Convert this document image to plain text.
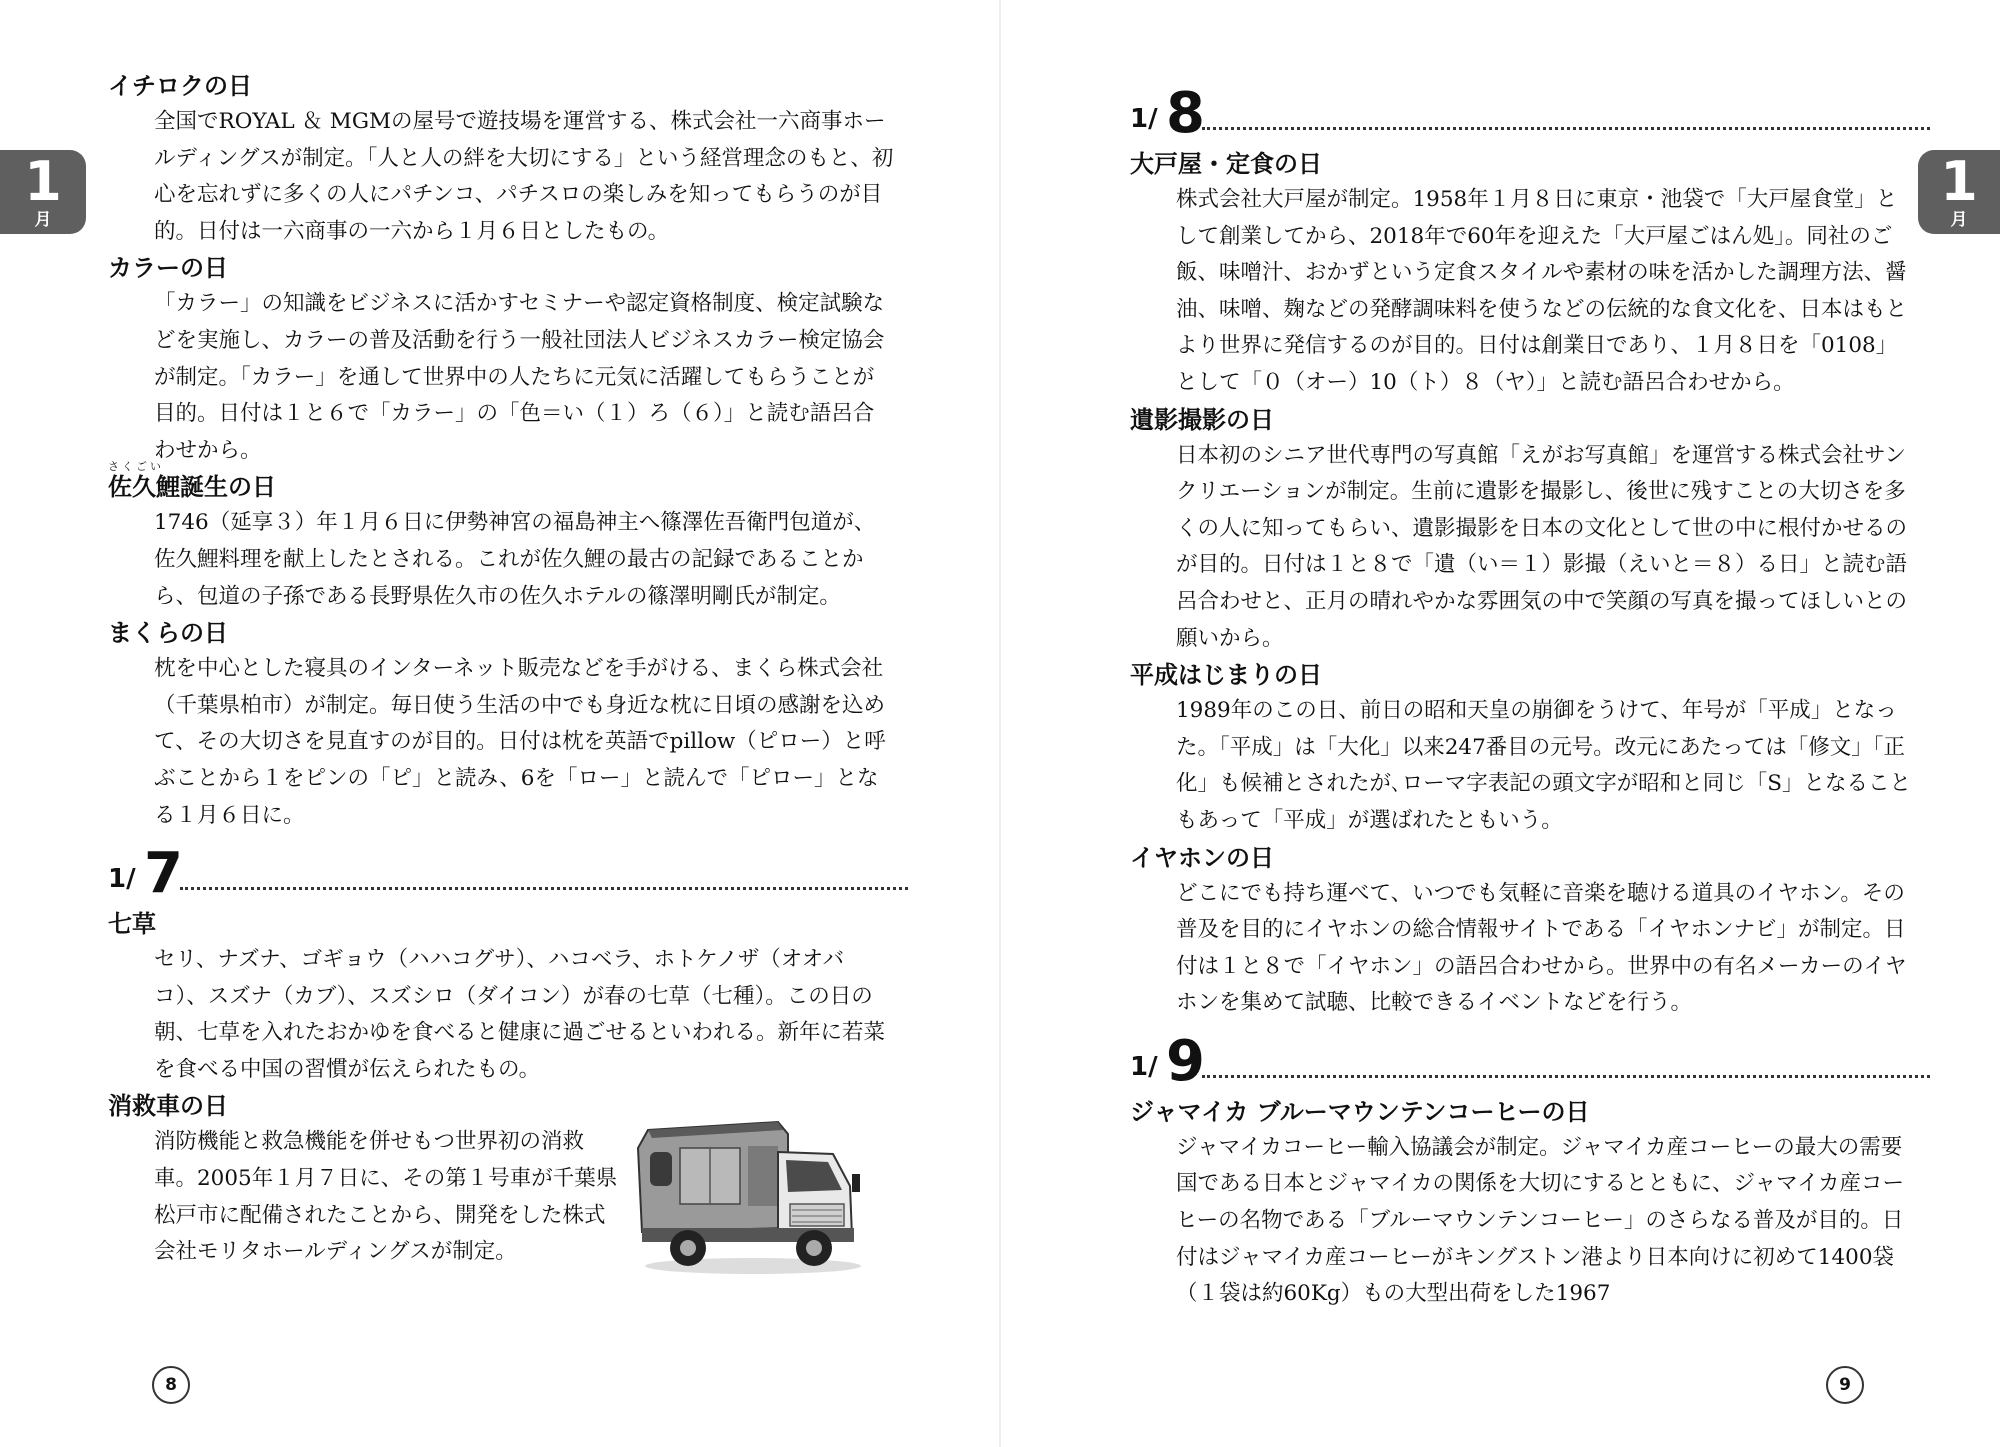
1
月
イチロクの日

全国でROYAL ＆ MGMの屋号で遊技場を運営する、株式会社一六商事ホールディングスが制定。「人と人の絆を大切にする」という経営理念のもと、初心を忘れずに多くの人にパチンコ、パチスロの楽しみを知ってもらうのが目的。日付は一六商事の一六から１月６日としたもの。

カラーの日

「カラー」の知識をビジネスに活かすセミナーや認定資格制度、検定試験などを実施し、カラーの普及活動を行う一般社団法人ビジネスカラー検定協会が制定。「カラー」を通して世界中の人たちに元気に活躍してもらうことが目的。日付は１と６で「カラー」の「色＝い（１）ろ（６）」と読む語呂合わせから。

さくごい
佐久鯉誕生の日

1746（延享３）年１月６日に伊勢神宮の福島神主へ篠澤佐吾衛門包道が、佐久鯉料理を献上したとされる。これが佐久鯉の最古の記録であることから、包道の子孫である長野県佐久市の佐久ホテルの篠澤明剛氏が制定。

まくらの日

枕を中心とした寝具のインターネット販売などを手がける、まくら株式会社（千葉県柏市）が制定。毎日使う生活の中でも身近な枕に日頃の感謝を込めて、その大切さを見直すのが目的。日付は枕を英語でpillow（ピロー）と呼ぶことから１をピンの「ピ」と読み、6を「ロー」と読んで「ピロー」となる１月６日に。

1/ 7
七草

セリ、ナズナ、ゴギョウ（ハハコグサ）、ハコベラ、ホトケノザ（オオバコ）、スズナ（カブ）、スズシロ（ダイコン）が春の七草（七種）。この日の朝、七草を入れたおかゆを食べると健康に過ごせるといわれる。新年に若菜を食べる中国の習慣が伝えられたもの。

消救車の日

消防機能と救急機能を併せもつ世界初の消救車。2005年１月７日に、その第１号車が千葉県松戸市に配備されたことから、開発をした株式会社モリタホールディングスが制定。

8
1
月
1/ 8
大戸屋・定食の日

株式会社大戸屋が制定。1958年１月８日に東京・池袋で「大戸屋食堂」として創業してから、2018年で60年を迎えた「大戸屋ごはん処」。同社のご飯、味噌汁、おかずという定食スタイルや素材の味を活かした調理方法、醤油、味噌、麹などの発酵調味料を使うなどの伝統的な食文化を、日本はもとより世界に発信するのが目的。日付は創業日であり、１月８日を「0108」として「０（オー）10（ト）８（ヤ）」と読む語呂合わせから。

遺影撮影の日

日本初のシニア世代専門の写真館「えがお写真館」を運営する株式会社サンクリエーションが制定。生前に遺影を撮影し、後世に残すことの大切さを多くの人に知ってもらい、遺影撮影を日本の文化として世の中に根付かせるのが目的。日付は１と８で「遺（い＝１）影撮（えいと＝８）る日」と読む語呂合わせと、正月の晴れやかな雰囲気の中で笑顔の写真を撮ってほしいとの願いから。

平成はじまりの日

1989年のこの日、前日の昭和天皇の崩御をうけて、年号が「平成」となった。「平成」は「大化」以来247番目の元号。改元にあたっては「修文」「正化」も候補とされたが､ローマ字表記の頭文字が昭和と同じ「S」となることもあって「平成」が選ばれたともいう。

イヤホンの日

どこにでも持ち運べて、いつでも気軽に音楽を聴ける道具のイヤホン。その普及を目的にイヤホンの総合情報サイトである「イヤホンナビ」が制定。日付は１と８で「イヤホン」の語呂合わせから。世界中の有名メーカーのイヤホンを集めて試聴、比較できるイベントなどを行う。

1/ 9
ジャマイカ ブルーマウンテンコーヒーの日

ジャマイカコーヒー輸入協議会が制定。ジャマイカ産コーヒーの最大の需要国である日本とジャマイカの関係を大切にするとともに、ジャマイカ産コーヒーの名物である「ブルーマウンテンコーヒー」のさらなる普及が目的。日付はジャマイカ産コーヒーがキングストン港より日本向けに初めて1400袋（１袋は約60Kg）もの大型出荷をした1967

9
